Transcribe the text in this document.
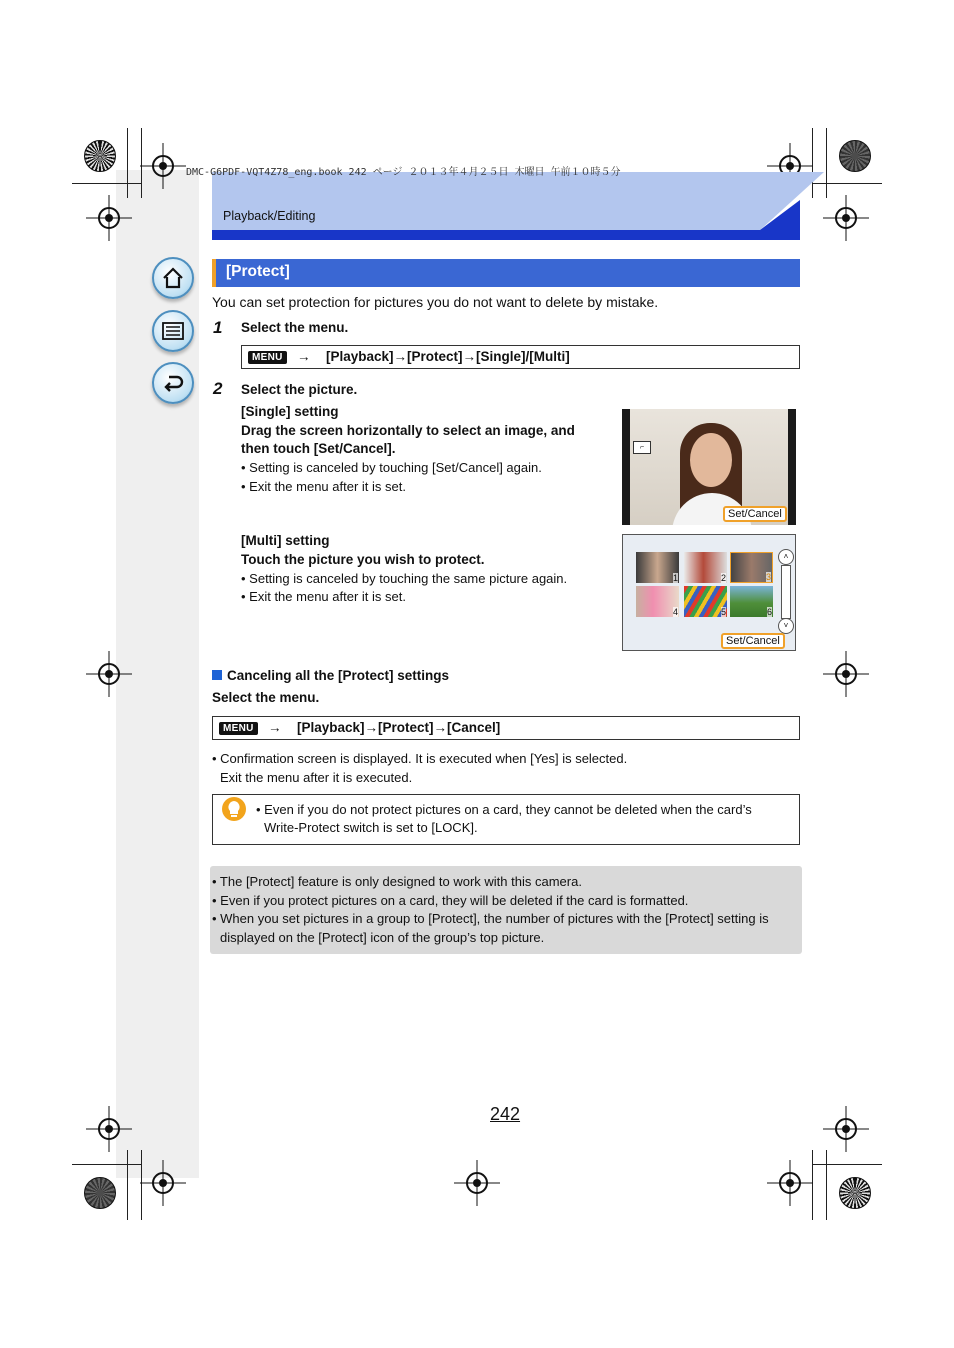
DMC-G6PDF-VQT4Z78_eng.book 242 ページ ２０１３年４月２５日 木曜日 午前１０時５分
Playback/Editing
[Protect]
You can set protection for pictures you do not want to delete by mistake.
1 Select the menu.
MENU → [Playback]→[Protect]→[Single]/[Multi]
2 Select the picture.
[Single] setting
Drag the screen horizontally to select an image, and
then touch [Set/Cancel].
• Setting is canceled by touching [Set/Cancel] again.
• Exit the menu after it is set.
⌐
Set/Cancel
[Multi] setting
Touch the picture you wish to protect.
• Setting is canceled by touching the same picture again.
• Exit the menu after it is set.
1	2	3
4	5	6
˄
˅
Set/Cancel
Canceling all the [Protect] settings
Select the menu.
MENU → [Playback]→[Protect]→[Cancel]
• Confirmation screen is displayed. It is executed when [Yes] is selected.
Exit the menu after it is executed.
• Even if you do not protect pictures on a card, they cannot be deleted when the card’s
Write-Protect switch is set to [LOCK].
• The [Protect] feature is only designed to work with this camera.
• Even if you protect pictures on a card, they will be deleted if the card is formatted.
• When you set pictures in a group to [Protect], the number of pictures with the [Protect] setting is
displayed on the [Protect] icon of the group’s top picture.
242
